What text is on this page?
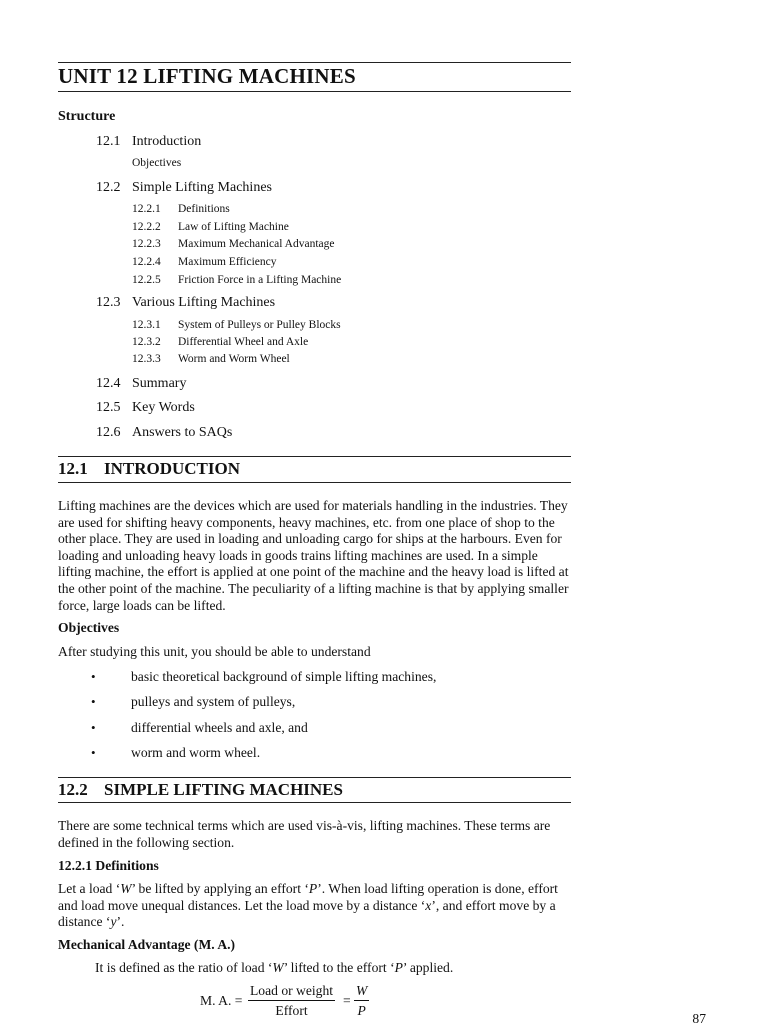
UNIT 12 LIFTING MACHINES
Structure
12.1 Introduction
Objectives
12.2 Simple Lifting Machines
12.2.1 Definitions
12.2.2 Law of Lifting Machine
12.2.3 Maximum Mechanical Advantage
12.2.4 Maximum Efficiency
12.2.5 Friction Force in a Lifting Machine
12.3 Various Lifting Machines
12.3.1 System of Pulleys or Pulley Blocks
12.3.2 Differential Wheel and Axle
12.3.3 Worm and Worm Wheel
12.4 Summary
12.5 Key Words
12.6 Answers to SAQs
12.1 INTRODUCTION

Lifting machines are the devices which are used for materials handling in the industries. They are used for shifting heavy components, heavy machines, etc. from one place of shop to the other place. They are used in loading and unloading cargo for ships at the harbours. Even for loading and unloading heavy loads in goods trains lifting machines are used. In a simple lifting machine, the effort is applied at one point of the machine and the heavy load is lifted at the other point of the machine. The peculiarity of a lifting machine is that by applying smaller force, large loads can be lifted.

Objectives
After studying this unit, you should be able to understand
•	basic theoretical background of simple lifting machines,
•	pulleys and system of pulleys,
•	differential wheels and axle, and
•	worm and worm wheel.
12.2 SIMPLE LIFTING MACHINES

There are some technical terms which are used vis-à-vis, lifting machines. These terms are defined in the following section.

12.2.1 Definitions

Let a load ‘W’ be lifted by applying an effort ‘P’. When load lifting operation is done, effort and load move unequal distances. Let the load move by a distance ‘x’, and effort move by a distance ‘y’.

Mechanical Advantage (M. A.)
It is defined as the ratio of load ‘W’ lifted to the effort ‘P’ applied.
M. A. =
Load or weight
Effort
= $\frac{W}{P}$	87
